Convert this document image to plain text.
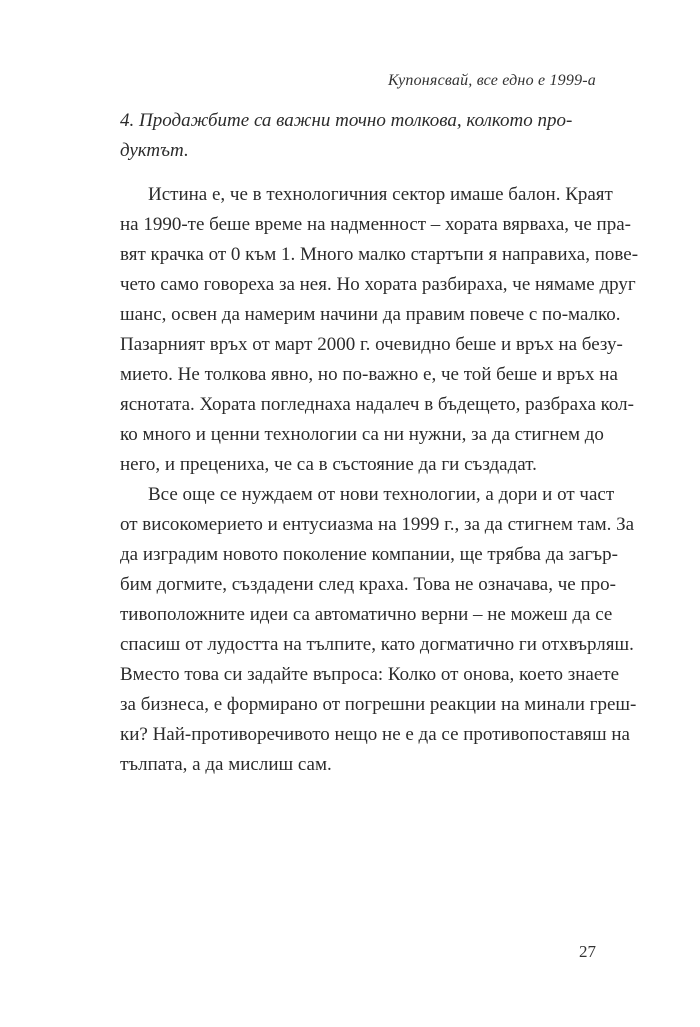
Купонясвай, все едно е 1999-а
4. Продажбите са важни точно толкова, колкото про-
дуктът.
Истина е, че в технологичния сектор имаше балон. Краят
на 1990-те беше време на надменност – хората вярваха, че пра-
вят крачка от 0 към 1. Много малко стартъпи я направиха, пове-
чето само говореха за нея. Но хората разбираха, че нямаме друг
шанс, освен да намерим начини да правим повече с по-малко.
Пазарният връх от март 2000 г. очевидно беше и връх на безу-
мието. Не толкова явно, но по-важно е, че той беше и връх на
яснотата. Хората погледнаха надалеч в бъдещето, разбраха кол-
ко много и ценни технологии са ни нужни, за да стигнем до
него, и прецениха, че са в състояние да ги създадат.
Все още се нуждаем от нови технологии, а дори и от част
от високомерието и ентусиазма на 1999 г., за да стигнем там. За
да изградим новото поколение компании, ще трябва да загър-
бим догмите, създадени след краха. Това не означава, че про-
тивоположните идеи са автоматично верни – не можеш да се
спасиш от лудостта на тълпите, като догматично ги отхвърляш.
Вместо това си задайте въпроса: Колко от онова, което знаете
за бизнеса, е формирано от погрешни реакции на минали греш-
ки? Най-противоречивото нещо не е да се противопоставяш на
тълпата, а да мислиш сам.
27
